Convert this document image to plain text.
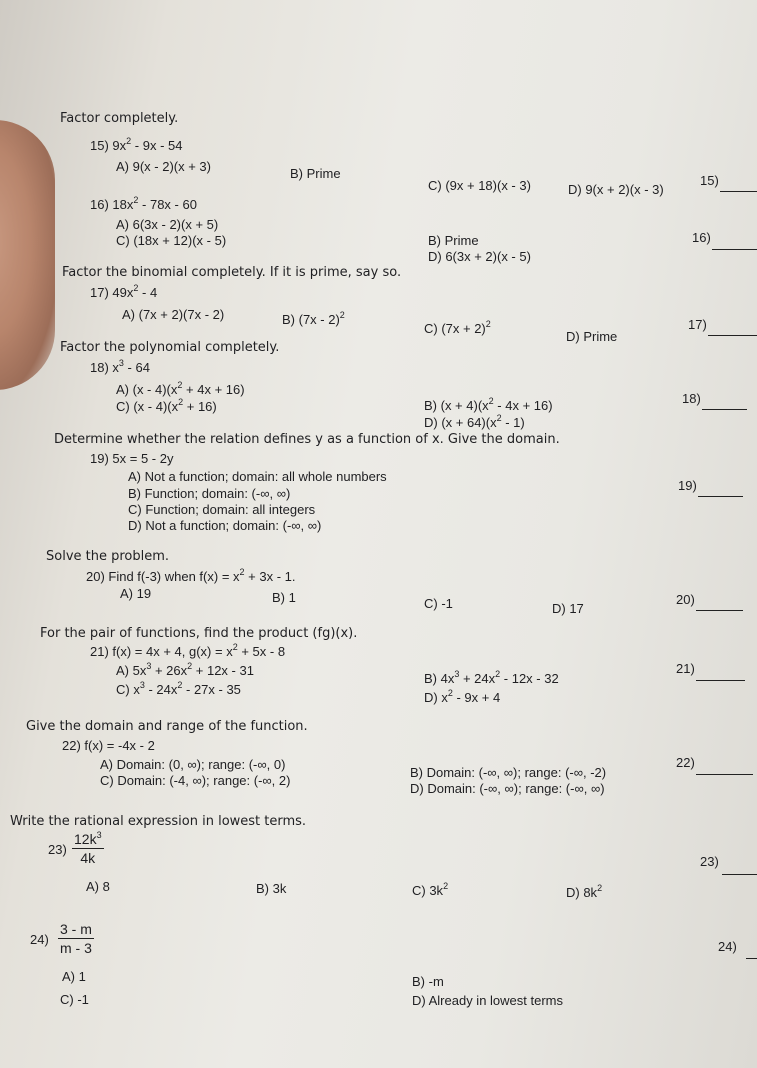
Factor completely.
15) $9x^2 - 9x - 54$
A) 9(x - 2)(x + 3)	B) Prime
C) (9x + 18)(x - 3)	D) 9(x + 2)(x - 3)
15)
16) $18x^2 - 78x - 60$
A) 6(3x - 2)(x + 5)
C) (18x + 12)(x - 5)	B) Prime
D) 6(3x + 2)(x - 5)
16)
Factor the binomial completely. If it is prime, say so.
17) $49x^2 - 4$
A) (7x + 2)(7x - 2)	B) (7x - 2)$^2$
C) $(7x + 2)^2$
D) Prime
17)
Factor the polynomial completely.
18) $x^3 - 64$
A) $(x - 4)(x^2 + 4x + 16)$
C) $(x - 4)(x^2 + 16)$	B) $(x + 4)(x^2 - 4x + 16)$
D) $(x + 64)(x^2 - 1)$
18)
Determine whether the relation defines y as a function of x. Give the domain.
19) 5x = 5 - 2y
A) Not a function; domain: all whole numbers
B) Function; domain: (-∞, ∞)
C) Function; domain: all integers
D) Not a function; domain: (-∞, ∞)
19)
Solve the problem.
20) Find f(-3) when $f(x) = x^2 + 3x - 1$.
A) 19	B) 1	C) -1	D) 17
20)
For the pair of functions, find the product (fg)(x).
21) f(x) = 4x + 4, $g(x) = x^2 + 5x - 8$
A) $5x^3 + 26x^2 + 12x - 31$
C) $x^3 - 24x^2 - 27x - 35$
B) $4x^3 + 24x^2 - 12x - 32$
D) $x^2 - 9x + 4$
21)
Give the domain and range of the function.
22) f(x) = -4x - 2
A) Domain: (0, ∞); range: (-∞, 0)
C) Domain: (-4, ∞); range: (-∞, 2)
B) Domain: (-∞, ∞); range: (-∞, -2)
D) Domain: (-∞, ∞); range: (-∞, ∞)
22)
Write the rational expression in lowest terms.
$23) \frac{12k^3}{4k}$
A) 8	B) 3k	C) $3k^2$	D) $8k^2$
23)
$24) \frac{3 - m}{m - 3}$
A) 1
C) -1
B) -m
D) Already in lowest terms
24)
